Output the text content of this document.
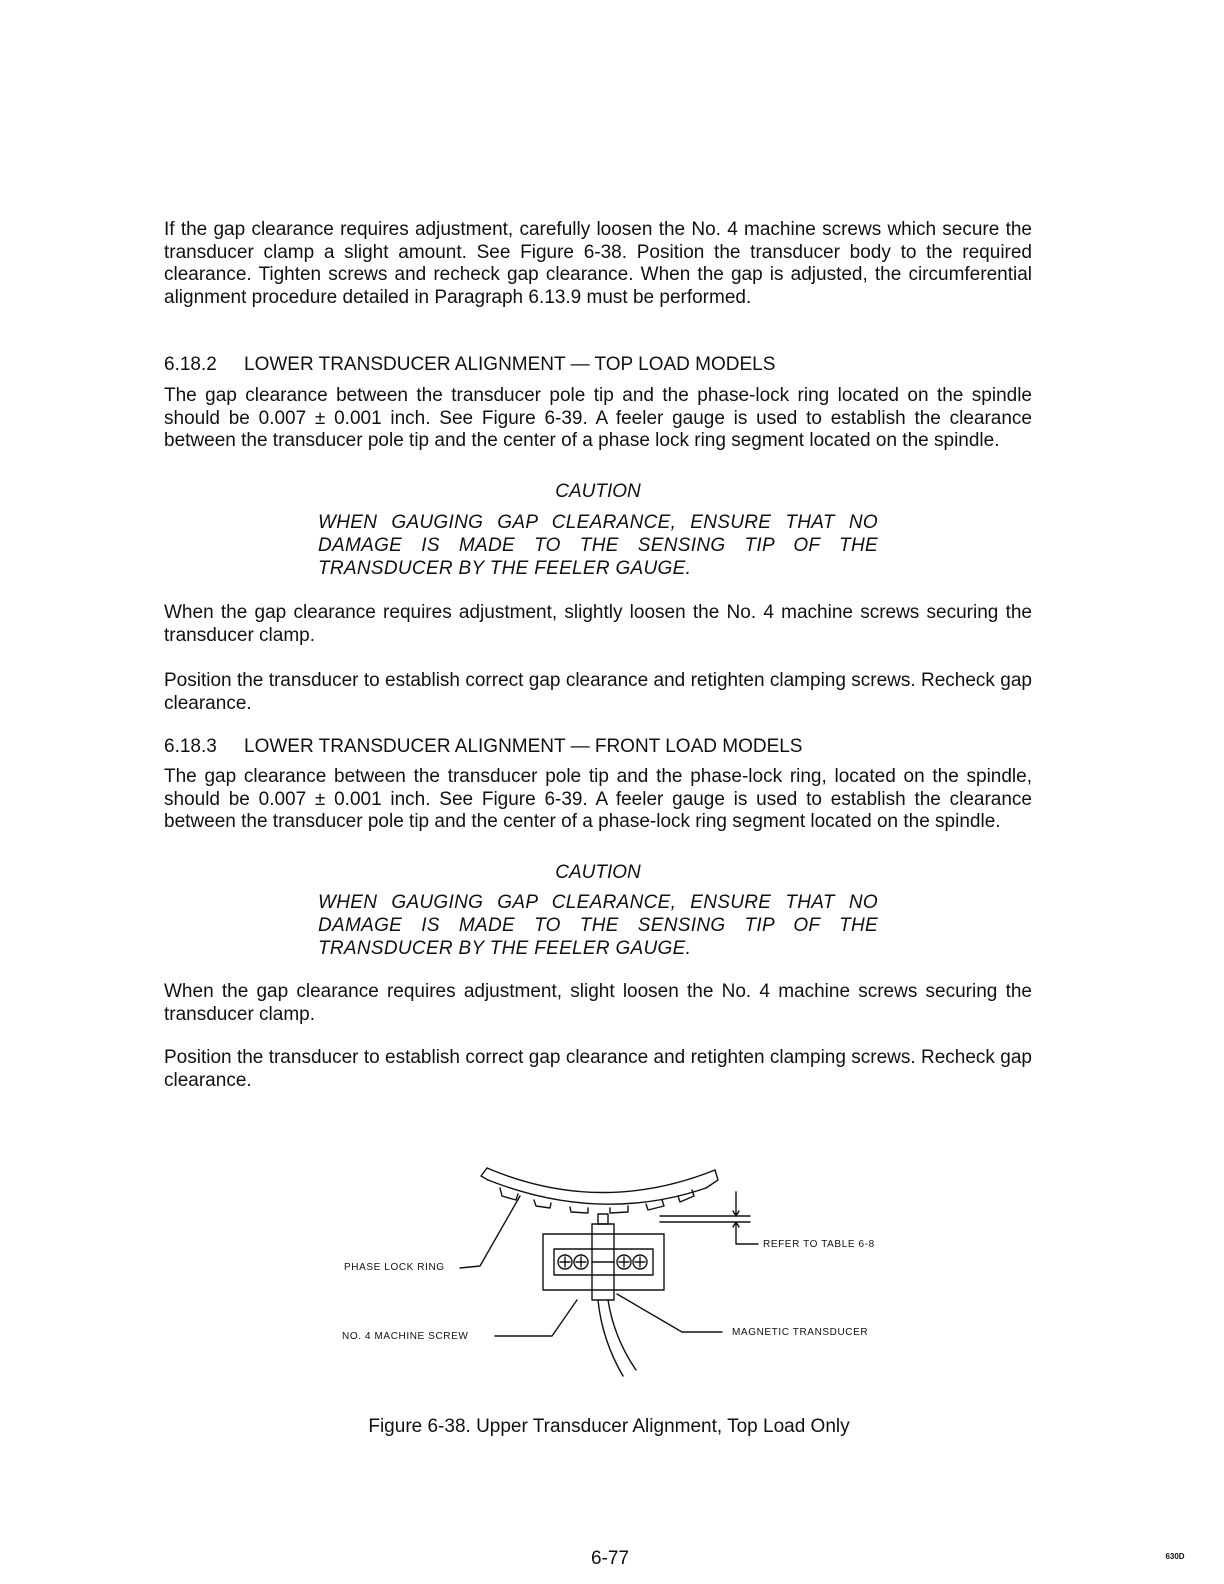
If the gap clearance requires adjustment, carefully loosen the No. 4 machine screws which secure the transducer clamp a slight amount. See Figure 6-38. Position the transducer body to the required clearance. Tighten screws and recheck gap clearance. When the gap is adjusted, the circumferential alignment procedure detailed in Paragraph 6.13.9 must be performed.
6.18.2 LOWER TRANSDUCER ALIGNMENT — TOP LOAD MODELS
The gap clearance between the transducer pole tip and the phase-lock ring located on the spindle should be 0.007 ± 0.001 inch. See Figure 6-39. A feeler gauge is used to establish the clearance between the transducer pole tip and the center of a phase lock ring segment located on the spindle.
CAUTION
WHEN GAUGING GAP CLEARANCE, ENSURE THAT NO DAMAGE IS MADE TO THE SENSING TIP OF THE TRANSDUCER BY THE FEELER GAUGE.
When the gap clearance requires adjustment, slightly loosen the No. 4 machine screws securing the transducer clamp.
Position the transducer to establish correct gap clearance and retighten clamping screws. Recheck gap clearance.
6.18.3 LOWER TRANSDUCER ALIGNMENT — FRONT LOAD MODELS
The gap clearance between the transducer pole tip and the phase-lock ring, located on the spindle, should be 0.007 ± 0.001 inch. See Figure 6-39. A feeler gauge is used to establish the clearance between the transducer pole tip and the center of a phase-lock ring segment located on the spindle.
CAUTION
WHEN GAUGING GAP CLEARANCE, ENSURE THAT NO DAMAGE IS MADE TO THE SENSING TIP OF THE TRANSDUCER BY THE FEELER GAUGE.
When the gap clearance requires adjustment, slight loosen the No. 4 machine screws securing the transducer clamp.
Position the transducer to establish correct gap clearance and retighten clamping screws. Recheck gap clearance.
REFER TO TABLE 6-8
PHASE LOCK RING
NO. 4 MACHINE SCREW	MAGNETIC TRANSDUCER
Figure 6-38. Upper Transducer Alignment, Top Load Only
6-77	630D
